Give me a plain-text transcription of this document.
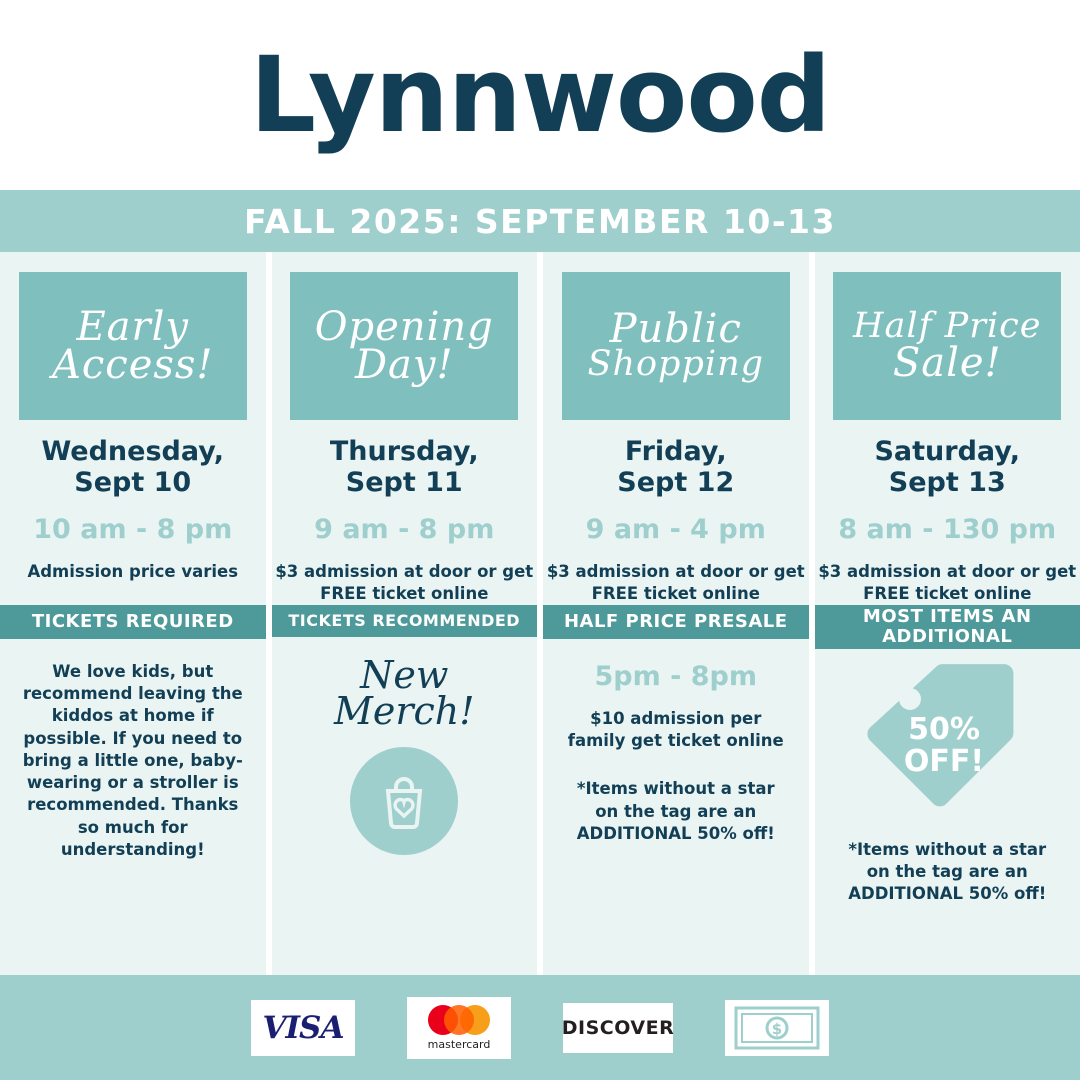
Lynnwood
FALL 2025: SEPTEMBER 10-13
Early
Access!
Wednesday,
Sept 10
10 am - 8 pm
Admission price varies
TICKETS REQUIRED
We love kids, but recommend leaving the kiddos at home if possible. If you need to bring a little one, baby-wearing or a stroller is recommended. Thanks so much for understanding!
Opening
Day!
Thursday,
Sept 11
9 am - 8 pm
$3 admission at door or get FREE ticket online
TICKETS RECOMMENDED
New
Merch!
Public
Shopping
Friday,
Sept 12
9 am - 4 pm
$3 admission at door or get FREE ticket online
HALF PRICE PRESALE
5pm - 8pm
$10 admission per family get ticket online
*Items without a star on the tag are an ADDITIONAL 50% off!
Half Price
Sale!
Saturday,
Sept 13
8 am - 130 pm
$3 admission at door or get FREE ticket online
MOST ITEMS AN
ADDITIONAL
50%
OFF!
*Items without a star on the tag are an ADDITIONAL 50% off!
VISA	mastercard
DISCOVER	$
